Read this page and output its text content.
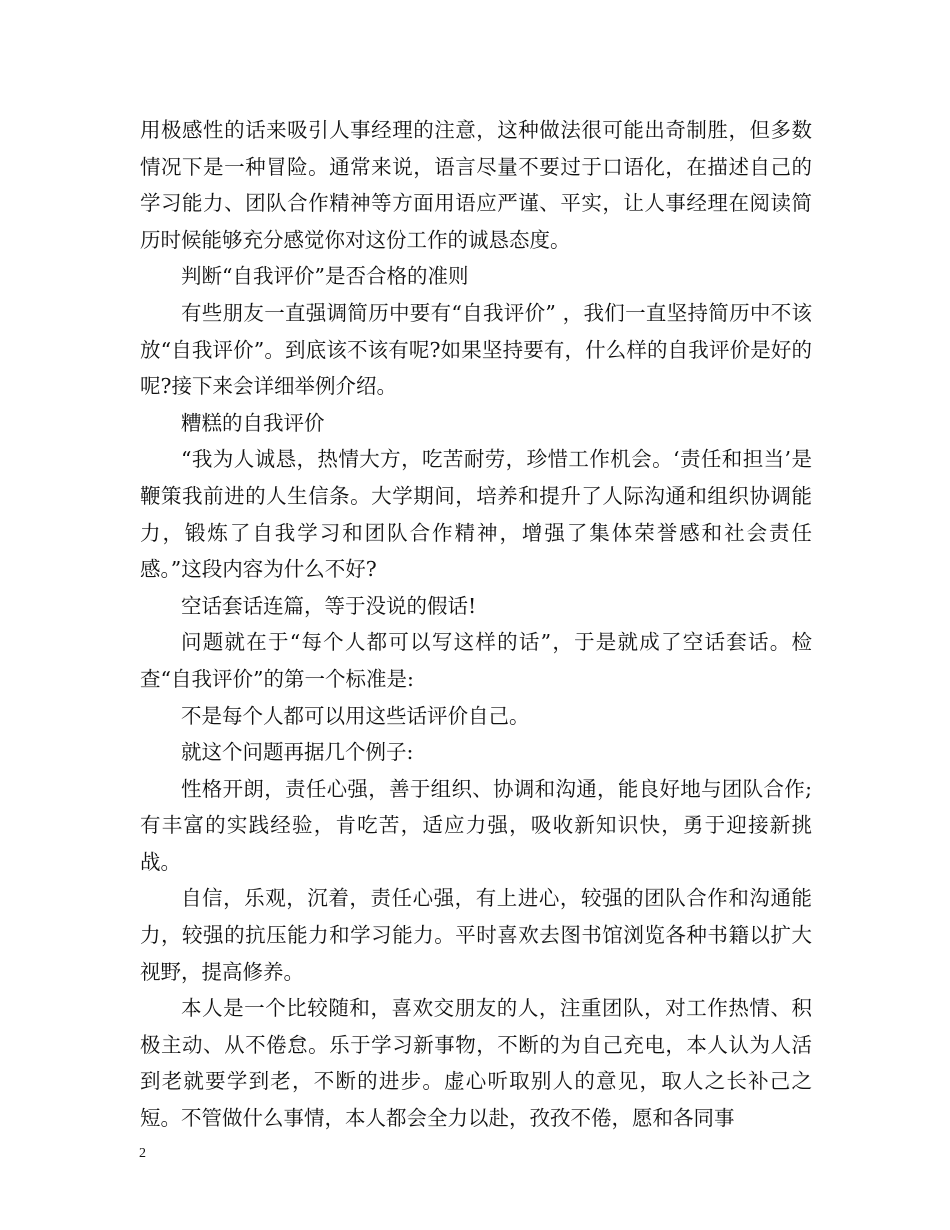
用极感性的话来吸引人事经理的注意，这种做法很可能出奇制胜，但多数情况下是一种冒险。通常来说，语言尽量不要过于口语化，在描述自己的学习能力、团队合作精神等方面用语应严谨、平实，让人事经理在阅读简历时候能够充分感觉你对这份工作的诚恳态度。

判断“自我评价”是否合格的准则

有些朋友一直强调简历中要有“自我评价” ，我们一直坚持简历中不该放“自我评价”。到底该不该有呢?如果坚持要有，什么样的自我评价是好的呢?接下来会详细举例介绍。

糟糕的自我评价

“我为人诚恳，热情大方，吃苦耐劳，珍惜工作机会。‘责任和担当’是鞭策我前进的人生信条。大学期间，培养和提升了人际沟通和组织协调能力，锻炼了自我学习和团队合作精神，增强了集体荣誉感和社会责任感。”这段内容为什么不好?

空话套话连篇，等于没说的假话!

问题就在于“每个人都可以写这样的话”，于是就成了空话套话。检查“自我评价”的第一个标准是:

不是每个人都可以用这些话评价自己。

就这个问题再据几个例子:

性格开朗，责任心强，善于组织、协调和沟通，能良好地与团队合作;有丰富的实践经验，肯吃苦，适应力强，吸收新知识快，勇于迎接新挑战。

自信，乐观，沉着，责任心强，有上进心，较强的团队合作和沟通能力，较强的抗压能力和学习能力。平时喜欢去图书馆浏览各种书籍以扩大视野，提高修养。

本人是一个比较随和，喜欢交朋友的人，注重团队，对工作热情、积极主动、从不倦怠。乐于学习新事物，不断的为自己充电，本人认为人活到老就要学到老，不断的进步。虚心听取别人的意见，取人之长补己之短。不管做什么事情，本人都会全力以赴，孜孜不倦，愿和各同事

2
